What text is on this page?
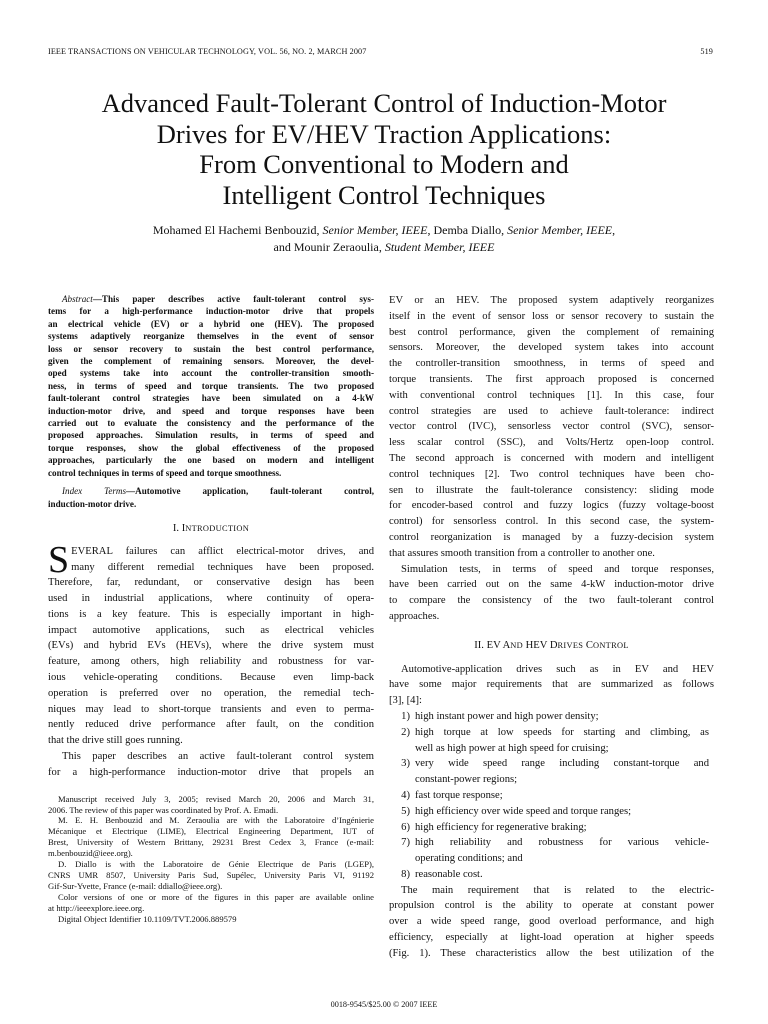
IEEE TRANSACTIONS ON VEHICULAR TECHNOLOGY, VOL. 56, NO. 2, MARCH 2007	519
Advanced Fault-Tolerant Control of Induction-Motor
Drives for EV/HEV Traction Applications:
From Conventional to Modern and
Intelligent Control Techniques
Mohamed El Hachemi Benbouzid, Senior Member, IEEE, Demba Diallo, Senior Member, IEEE,
and Mounir Zeraoulia, Student Member, IEEE
Abstract—This paper describes active fault-tolerant control sys-
tems for a high-performance induction-motor drive that propels
an electrical vehicle (EV) or a hybrid one (HEV). The proposed
systems adaptively reorganize themselves in the event of sensor
loss or sensor recovery to sustain the best control performance,
given the complement of remaining sensors. Moreover, the devel-
oped systems take into account the controller-transition smooth-
ness, in terms of speed and torque transients. The two proposed
fault-tolerant control strategies have been simulated on a 4-kW
induction-motor drive, and speed and torque responses have been
carried out to evaluate the consistency and the performance of the
proposed approaches. Simulation results, in terms of speed and
torque responses, show the global effectiveness of the proposed
approaches, particularly the one based on modern and intelligent
control techniques in terms of speed and torque smoothness.
Index Terms—Automotive application, fault-tolerant control,
induction-motor drive.
I. INTRODUCTION
S EVERAL failures can afflict electrical-motor drives, and
many different remedial techniques have been proposed.
Therefore, far, redundant, or conservative design has been
used in industrial applications, where continuity of opera-
tions is a key feature. This is especially important in high-
impact automotive applications, such as electrical vehicles
(EVs) and hybrid EVs (HEVs), where the drive system must
feature, among others, high reliability and robustness for var-
ious vehicle-operating conditions. Because even limp-back
operation is preferred over no operation, the remedial tech-
niques may lead to short-torque transients and even to perma-
nently reduced drive performance after fault, on the condition
that the drive still goes running.
This paper describes an active fault-tolerant control system
for a high-performance induction-motor drive that propels an
Manuscript received July 3, 2005; revised March 20, 2006 and March 31,
2006. The review of this paper was coordinated by Prof. A. Emadi.
M. E. H. Benbouzid and M. Zeraoulia are with the Laboratoire d’Ingénierie
Mécanique et Electrique (LIME), Electrical Engineering Department, IUT of
Brest, University of Western Brittany, 29231 Brest Cedex 3, France (e-mail:
m.benbouzid@ieee.org).
D. Diallo is with the Laboratoire de Génie Electrique de Paris (LGEP),
CNRS UMR 8507, University Paris Sud, Supélec, University Paris VI, 91192
Gif-Sur-Yvette, France (e-mail: ddiallo@ieee.org).
Color versions of one or more of the figures in this paper are available online
at http://ieeexplore.ieee.org.
Digital Object Identifier 10.1109/TVT.2006.889579
EV or an HEV. The proposed system adaptively reorganizes
itself in the event of sensor loss or sensor recovery to sustain the
best control performance, given the complement of remaining
sensors. Moreover, the developed system takes into account
the controller-transition smoothness, in terms of speed and
torque transients. The first approach proposed is concerned
with conventional control techniques [1]. In this case, four
control strategies are used to achieve fault-tolerance: indirect
vector control (IVC), sensorless vector control (SVC), sensor-
less scalar control (SSC), and Volts/Hertz open-loop control.
The second approach is concerned with modern and intelligent
control techniques [2]. Two control techniques have been cho-
sen to illustrate the fault-tolerance consistency: sliding mode
for encoder-based control and fuzzy logics (fuzzy voltage-boost
control) for sensorless control. In this second case, the system-
control reorganization is managed by a fuzzy-decision system
that assures smooth transition from a controller to another one.
Simulation tests, in terms of speed and torque responses,
have been carried out on the same 4-kW induction-motor drive
to compare the consistency of the two fault-tolerant control
approaches.
II. EV AND HEV DRIVES CONTROL
Automotive-application drives such as in EV and HEV
have some major requirements that are summarized as follows
[3], [4]:
1) high instant power and high power density;
2) high torque at low speeds for starting and climbing, as
well as high power at high speed for cruising;
3) very wide speed range including constant-torque and
constant-power regions;
4) fast torque response;
5) high efficiency over wide speed and torque ranges;
6) high efficiency for regenerative braking;
7) high reliability and robustness for various vehicle-
operating conditions; and
8) reasonable cost.
The main requirement that is related to the electric-
propulsion control is the ability to operate at constant power
over a wide speed range, good overload performance, and high
efficiency, especially at light-load operation at higher speeds
(Fig. 1). These characteristics allow the best utilization of the
0018-9545/$25.00 © 2007 IEEE
